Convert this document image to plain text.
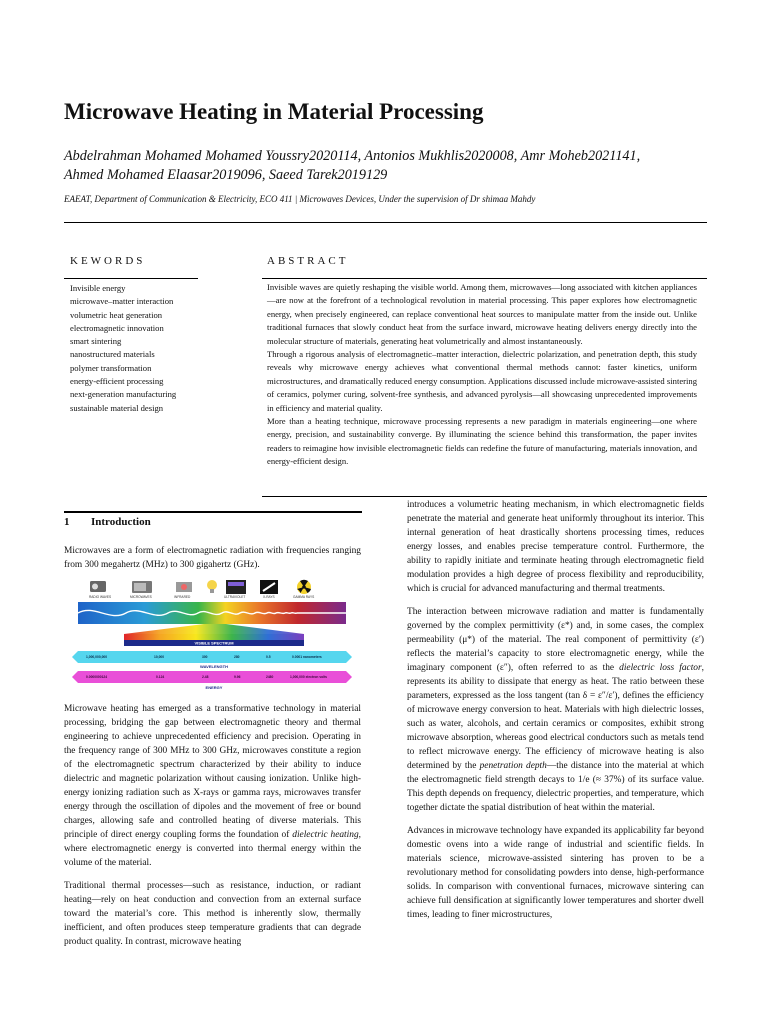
Microwave Heating in Material Processing
Abdelrahman Mohamed Mohamed Youssry2020114, Antonios Mukhlis2020008, Amr Moheb2021141,
Ahmed Mohamed Elaasar2019096, Saeed Tarek2019129
EAEAT, Department of Communication & Electricity, ECO 411 | Microwaves Devices, Under the supervision of Dr shimaa Mahdy
KEWORDS	ABSTRACT
Invisible energy
microwave–matter interaction
volumetric heat generation
electromagnetic innovation
smart sintering
nanostructured materials
polymer transformation
energy-efficient processing
next-generation manufacturing
sustainable material design

Invisible waves are quietly reshaping the visible world. Among them, microwaves—long associated with kitchen appliances—are now at the forefront of a technological revolution in material processing. This paper explores how electromagnetic energy, when precisely engineered, can replace conventional heat sources to manipulate matter from the inside out. Unlike traditional furnaces that slowly conduct heat from the surface inward, microwave heating delivers energy directly into the molecular structure of materials, generating heat volumetrically and almost instantaneously.

Through a rigorous analysis of electromagnetic–matter interaction, dielectric polarization, and penetration depth, this study reveals why microwave energy achieves what conventional thermal methods cannot: faster kinetics, uniform microstructures, and dramatically reduced energy consumption. Applications discussed include microwave-assisted sintering of ceramics, polymer curing, solvent-free synthesis, and advanced pyrolysis—all showcasing unprecedented improvements in efficiency and material quality.

More than a heating technique, microwave processing represents a new paradigm in materials engineering—one where energy, precision, and sustainability converge. By illuminating the science behind this transformation, the paper invites readers to reimagine how invisible electromagnetic fields can redefine the future of manufacturing, materials innovation, and energy-efficient design.

1 Introduction

Microwaves are a form of electromagnetic radiation with frequencies ranging from 300 megahertz (MHz) to 300 gigahertz (GHz).

Microwave heating has emerged as a transformative technology in material processing, bridging the gap between electromagnetic theory and thermal engineering to achieve unprecedented efficiency and precision. Operating in the frequency range of 300 MHz to 300 GHz, microwaves constitute a region of the electromagnetic spectrum characterized by their ability to induce dielectric and magnetic polarization without causing ionization. Unlike high-energy ionizing radiation such as X-rays or gamma rays, microwaves transfer energy through the oscillation of dipoles and the movement of free or bound charges, allowing safe and controlled heating of diverse materials. This principle of direct energy coupling forms the foundation of dielectric heating, where electromagnetic energy is converted into thermal energy within the volume of the material.

Traditional thermal processes—such as resistance, induction, or radiant heating—rely on heat conduction and convection from an external surface toward the material’s core. This method is inherently slow, thermally inefficient, and often produces steep temperature gradients that can degrade product quality. In contrast, microwave heating

RADIO WAVES	MICROWAVES	INFRARED	ULTRAVIOLET	X-RAYS	GAMMA RAYS
VISIBLE SPECTRUM
1,000,000,000	10,000	300	280	0.5	0.0001 nanometers
WAVELENGTH
0.0000000124	0.124	2.48	9.96	2480	1,000,000 electron volts
ENERGY

introduces a volumetric heating mechanism, in which electromagnetic fields penetrate the material and generate heat uniformly throughout its interior. This internal generation of heat drastically shortens processing times, reduces energy losses, and enables precise temperature control. Furthermore, the ability to rapidly initiate and terminate heating through electromagnetic field modulation provides a high degree of process flexibility and reproducibility, which is crucial for advanced manufacturing and thermal treatments.

The interaction between microwave radiation and matter is fundamentally governed by the complex permittivity (ε*) and, in some cases, the complex permeability (μ*) of the material. The real component of permittivity (ε′) reflects the material’s capacity to store electromagnetic energy, while the imaginary component (ε″), often referred to as the dielectric loss factor, represents its ability to dissipate that energy as heat. The ratio between these parameters, expressed as the loss tangent (tan δ = ε″/ε′), defines the efficiency of microwave energy conversion to heat. Materials with high dielectric losses, such as water, alcohols, and certain ceramics or composites, exhibit strong microwave absorption, whereas good electrical conductors such as metals tend to reflect microwave energy. The efficiency of microwave heating is also determined by the penetration depth—the distance into the material at which the electromagnetic field strength decays to 1/e (≈ 37%) of its surface value. This depth depends on frequency, dielectric properties, and temperature, which together dictate the spatial distribution of heat within the material.

Advances in microwave technology have expanded its applicability far beyond domestic ovens into a wide range of industrial and scientific fields. In materials science, microwave-assisted sintering has proven to be a revolutionary method for consolidating powders into dense, high-performance solids. In comparison with conventional furnaces, microwave sintering can achieve full densification at significantly lower temperatures and shorter dwell times, leading to finer microstructures,
